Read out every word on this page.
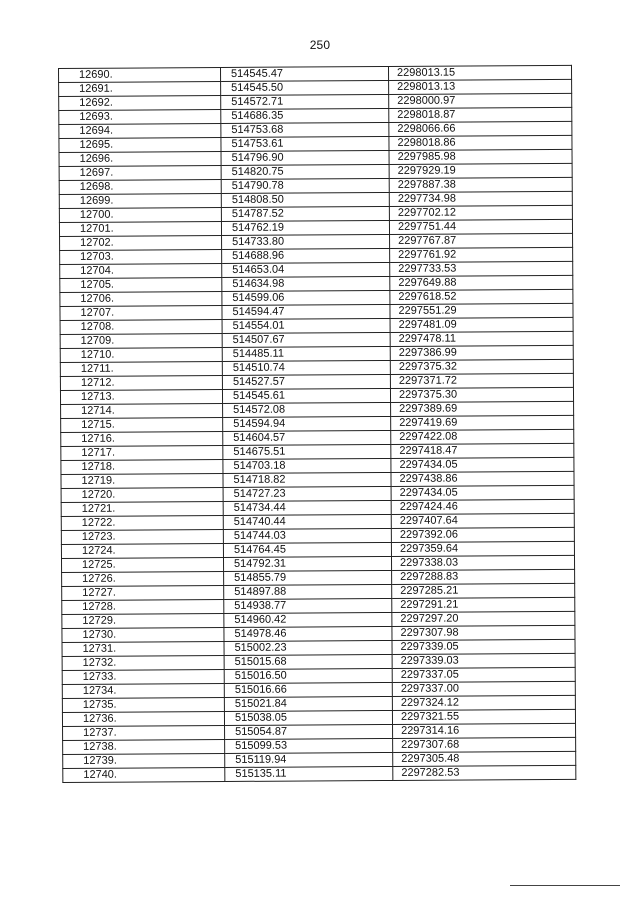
250
12690.	514545.47	2298013.15
12691.	514545.50	2298013.13
12692.	514572.71	2298000.97
12693.	514686.35	2298018.87
12694.	514753.68	2298066.66
12695.	514753.61	2298018.86
12696.	514796.90	2297985.98
12697.	514820.75	2297929.19
12698.	514790.78	2297887.38
12699.	514808.50	2297734.98
12700.	514787.52	2297702.12
12701.	514762.19	2297751.44
12702.	514733.80	2297767.87
12703.	514688.96	2297761.92
12704.	514653.04	2297733.53
12705.	514634.98	2297649.88
12706.	514599.06	2297618.52
12707.	514594.47	2297551.29
12708.	514554.01	2297481.09
12709.	514507.67	2297478.11
12710.	514485.11	2297386.99
12711.	514510.74	2297375.32
12712.	514527.57	2297371.72
12713.	514545.61	2297375.30
12714.	514572.08	2297389.69
12715.	514594.94	2297419.69
12716.	514604.57	2297422.08
12717.	514675.51	2297418.47
12718.	514703.18	2297434.05
12719.	514718.82	2297438.86
12720.	514727.23	2297434.05
12721.	514734.44	2297424.46
12722.	514740.44	2297407.64
12723.	514744.03	2297392.06
12724.	514764.45	2297359.64
12725.	514792.31	2297338.03
12726.	514855.79	2297288.83
12727.	514897.88	2297285.21
12728.	514938.77	2297291.21
12729.	514960.42	2297297.20
12730.	514978.46	2297307.98
12731.	515002.23	2297339.05
12732.	515015.68	2297339.03
12733.	515016.50	2297337.05
12734.	515016.66	2297337.00
12735.	515021.84	2297324.12
12736.	515038.05	2297321.55
12737.	515054.87	2297314.16
12738.	515099.53	2297307.68
12739.	515119.94	2297305.48
12740.	515135.11	2297282.53
